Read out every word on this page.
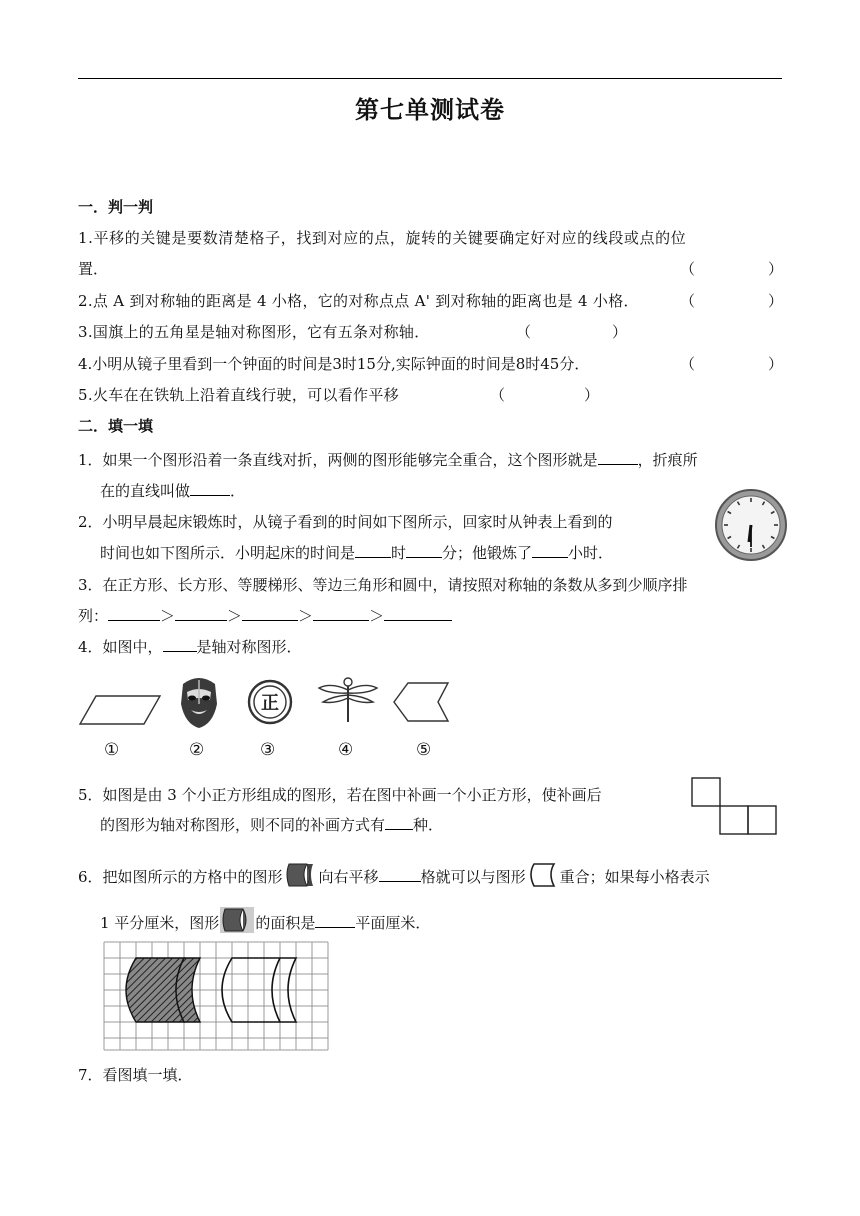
第七单测试卷
一．判一判
1.平移的关键是要数清楚格子，找到对应的点，旋转的关键要确定好对应的线段或点的位
置．	（	）
2.点 A 到对称轴的距离是 4 小格，它的对称点点 A' 到对称轴的距离也是 4 小格．	（	）
3.国旗上的五角星是轴对称图形，它有五条对称轴．	（	）
4.小明从镜子里看到一个钟面的时间是3时15分,实际钟面的时间是8时45分．	（	）
5.火车在在铁轨上沿着直线行驶，可以看作平移	（	）
二．填一填
1．如果一个图形沿着一条直线对折，两侧的图形能够完全重合，这个图形就是	，折痕所
在的直线叫做	．
2．小明早晨起床锻炼时，从镜子看到的时间如下图所示，回家时从钟表上看到的
时间也如下图所示．小明起床的时间是 时 分；他锻炼了 小时．
3．在正方形、长方形、等腰梯形、等边三角形和圆中，请按照对称轴的条数从多到少顺序排
列：	＞	＞	＞	＞
4．如图中， 是轴对称图形．
正
①	②	③	④	⑤
5．如图是由 3 个小正方形组成的图形，若在图中补画一个小正方形，使补画后
的图形为轴对称图形，则不同的补画方式有 种．
6．把如图所示的方格中的图形 向右平移	格就可以与图形 重合；如果每小格表示
1 平分厘米，图形 的面积是	平面厘米．
7．看图填一填．
